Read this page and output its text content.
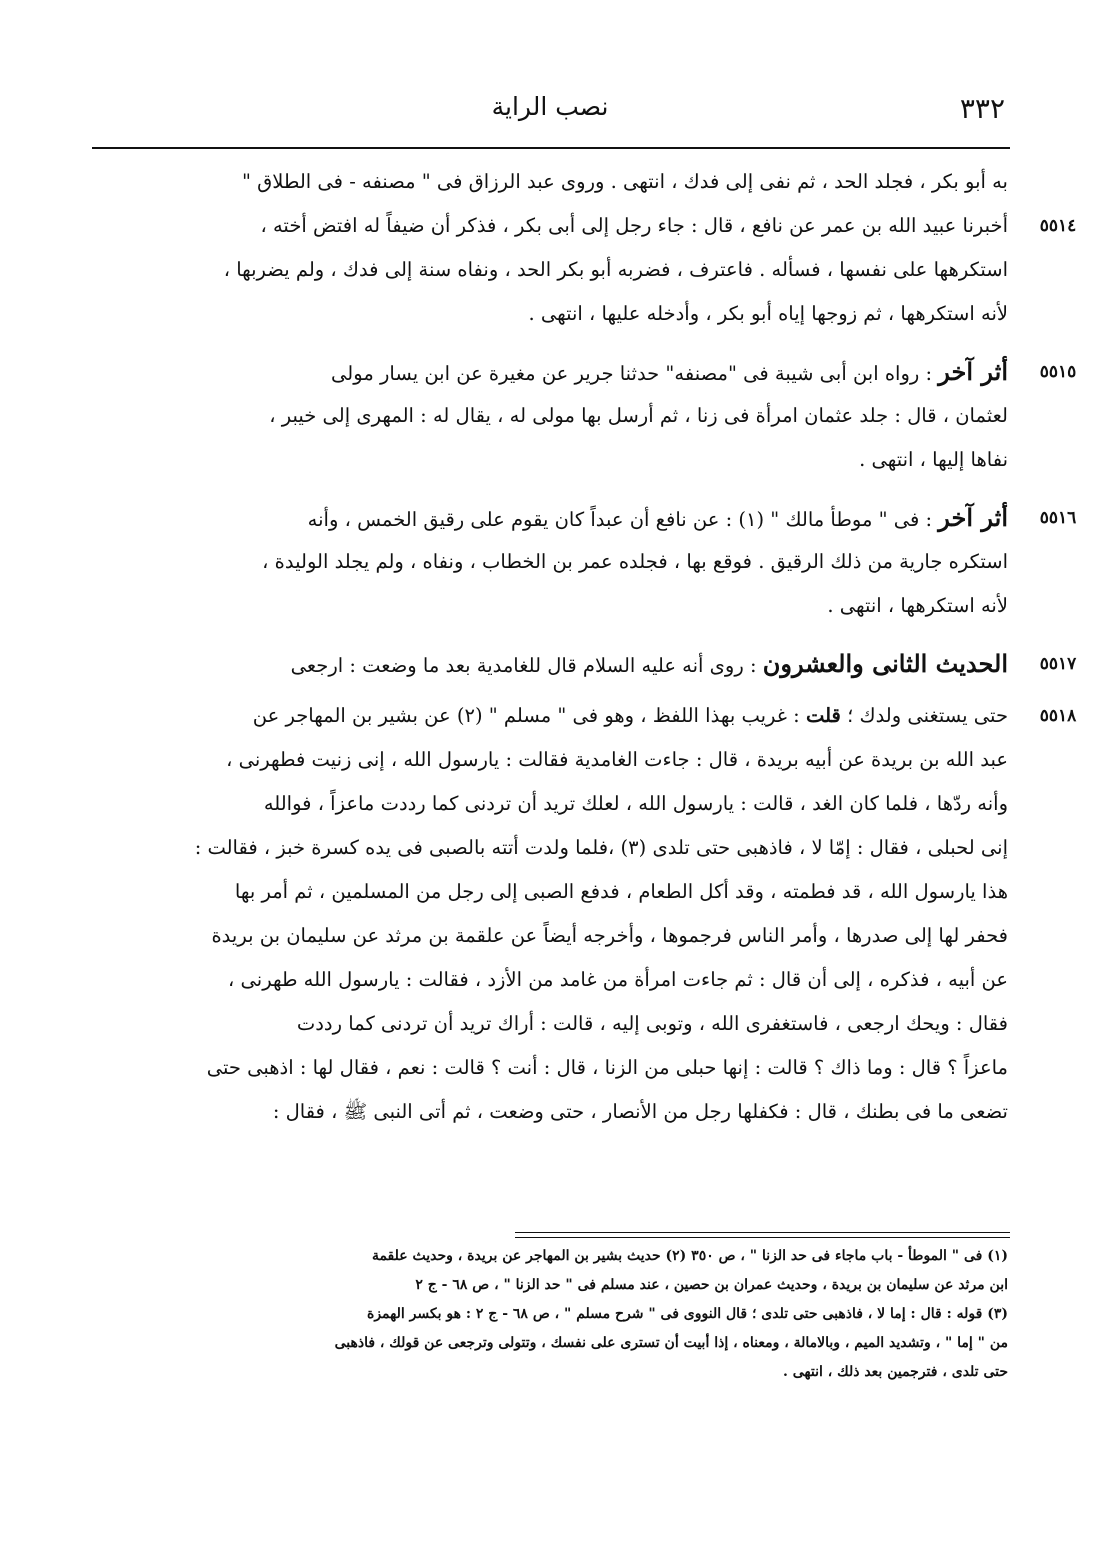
٣٣٢
نصب الراية
به أبو بكر ، فجلد الحد ، ثم نفى إلى فدك ، انتهى . وروى عبد الرزاق فى " مصنفه - فى الطلاق "
٥٥١٤
أخبرنا عبيد الله بن عمر عن نافع ، قال : جاء رجل إلى أبى بكر ، فذكر أن ضيفاً له افتض أخته ،
استكرهها على نفسها ، فسأله . فاعترف ، فضربه أبو بكر الحد ، ونفاه سنة إلى فدك ، ولم يضربها ،
لأنه استكرهها ، ثم زوجها إياه أبو بكر ، وأدخله عليها ، انتهى .
٥٥١٥
أثر آخر : رواه ابن أبى شيبة فى "مصنفه" حدثنا جرير عن مغيرة عن ابن يسار مولى
لعثمان ، قال : جلد عثمان امرأة فى زنا ، ثم أرسل بها مولى له ، يقال له : المهرى إلى خيبر ،
نفاها إليها ، انتهى .
٥٥١٦
أثر آخر : فى " موطأ مالك " (١) : عن نافع أن عبداً كان يقوم على رقيق الخمس ، وأنه
استكره جارية من ذلك الرقيق . فوقع بها ، فجلده عمر بن الخطاب ، ونفاه ، ولم يجلد الوليدة ،
لأنه استكرهها ، انتهى .
٥٥١٧
الحديث الثانى والعشرون : روى أنه عليه السلام قال للغامدية بعد ما وضعت : ارجعى
٥٥١٨
حتى يستغنى ولدك ؛ قلت : غريب بهذا اللفظ ، وهو فى " مسلم " (٢) عن بشير بن المهاجر عن
عبد الله بن بريدة عن أبيه بريدة ، قال : جاءت الغامدية فقالت : يارسول الله ، إنى زنيت فطهرنى ،
وأنه ردّها ، فلما كان الغد ، قالت : يارسول الله ، لعلك تريد أن تردنى كما رددت ماعزاً ، فوالله
إنى لحبلى ، فقال : إمّا لا ، فاذهبى حتى تلدى (٣) ،فلما ولدت أتته بالصبى فى يده كسرة خبز ، فقالت :
هذا يارسول الله ، قد فطمته ، وقد أكل الطعام ، فدفع الصبى إلى رجل من المسلمين ، ثم أمر بها
فحفر لها إلى صدرها ، وأمر الناس فرجموها ، وأخرجه أيضاً عن علقمة بن مرثد عن سليمان بن بريدة
عن أبيه ، فذكره ، إلى أن قال : ثم جاءت امرأة من غامد من الأزد ، فقالت : يارسول الله طهرنى ،
فقال : ويحك ارجعى ، فاستغفرى الله ، وتوبى إليه ، قالت : أراك تريد أن تردنى كما رددت
ماعزاً ؟ قال : وما ذاك ؟ قالت : إنها حبلى من الزنا ، قال : أنت ؟ قالت : نعم ، فقال لها : اذهبى حتى
تضعى ما فى بطنك ، قال : فكفلها رجل من الأنصار ، حتى وضعت ، ثم أتى النبى ﷺ ، فقال :
(١) فى " الموطأ - باب ماجاء فى حد الزنا " ، ص ٣٥٠ (٢) حديث بشير بن المهاجر عن بريدة ، وحديث علقمة
ابن مرثد عن سليمان بن بريدة ، وحديث عمران بن حصين ، عند مسلم فى " حد الزنا " ، ص ٦٨ - ج ٢
(٣) قوله : قال : إما لا ، فاذهبى حتى تلدى ؛ قال النووى فى " شرح مسلم " ، ص ٦٨ - ج ٢ : هو بكسر الهمزة
من " إما " ، وتشديد الميم ، وبالامالة ، ومعناه ، إذا أبيت أن تسترى على نفسك ، وتتولى وترجعى عن قولك ، فاذهبى
حتى تلدى ، فترجمين بعد ذلك ، انتهى .
